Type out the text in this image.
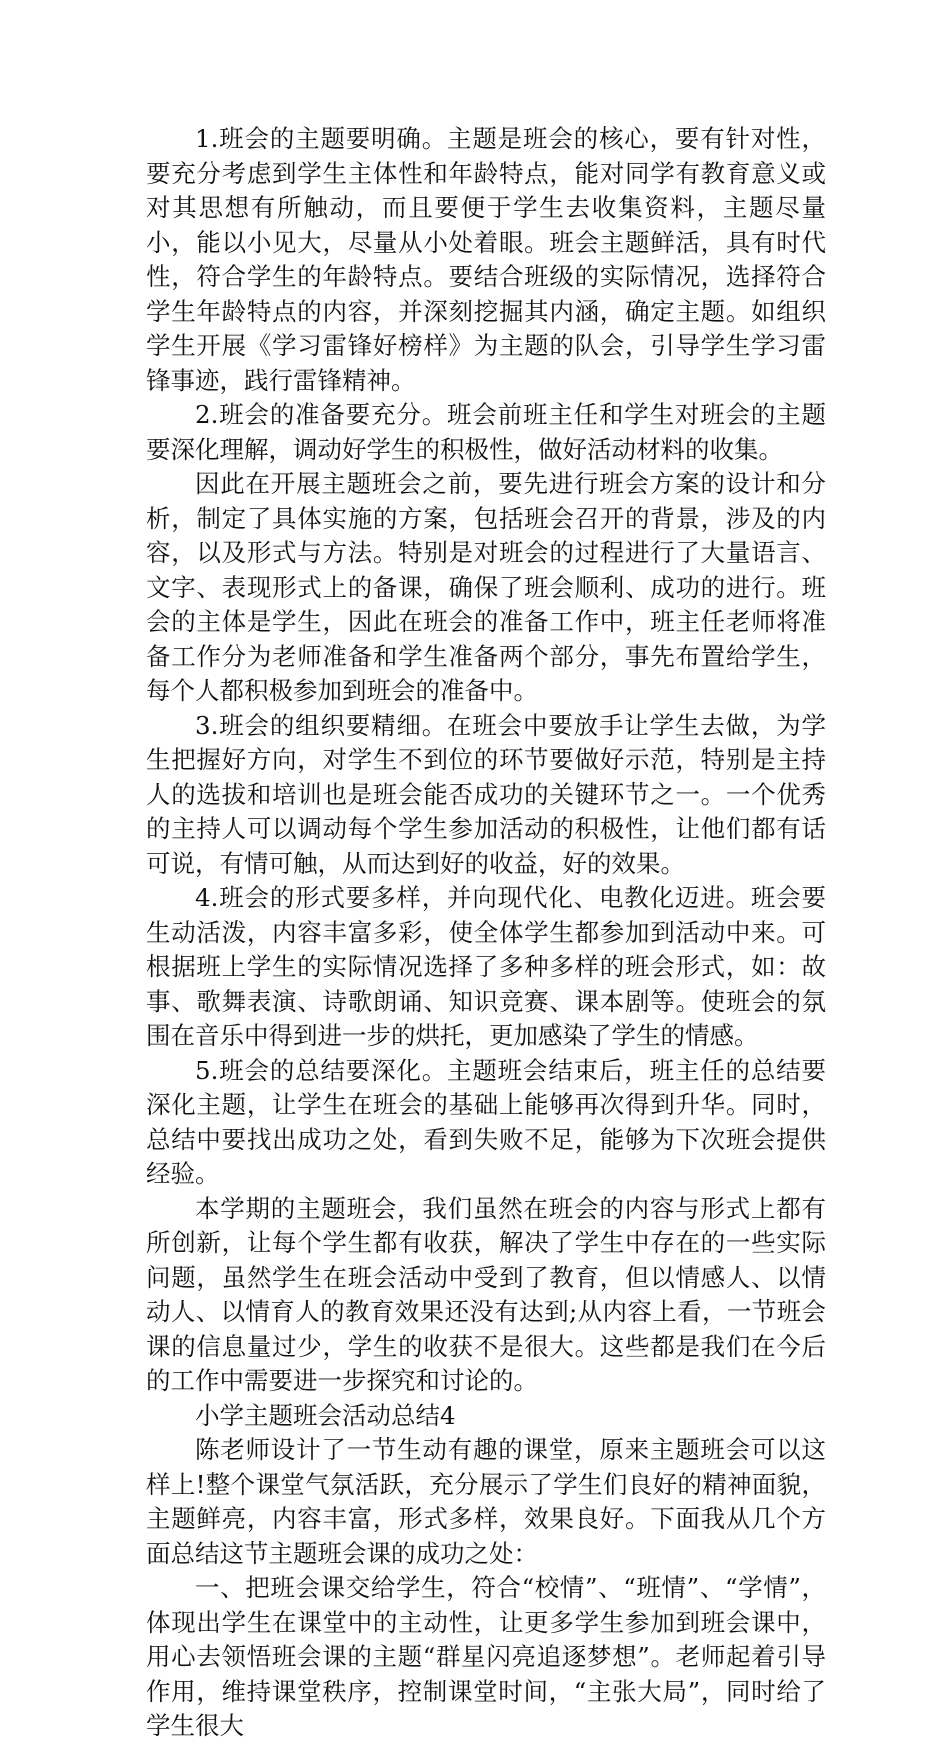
1.班会的主题要明确。主题是班会的核心，要有针对性，要充分考虑到学生主体性和年龄特点，能对同学有教育意义或对其思想有所触动，而且要便于学生去收集资料，主题尽量小，能以小见大，尽量从小处着眼。班会主题鲜活，具有时代性，符合学生的年龄特点。要结合班级的实际情况，选择符合学生年龄特点的内容，并深刻挖掘其内涵，确定主题。如组织学生开展《学习雷锋好榜样》为主题的队会，引导学生学习雷锋事迹，践行雷锋精神。

2.班会的准备要充分。班会前班主任和学生对班会的主题要深化理解，调动好学生的积极性，做好活动材料的收集。

因此在开展主题班会之前，要先进行班会方案的设计和分析，制定了具体实施的方案，包括班会召开的背景，涉及的内容，以及形式与方法。特别是对班会的过程进行了大量语言、文字、表现形式上的备课，确保了班会顺利、成功的进行。班会的主体是学生，因此在班会的准备工作中，班主任老师将准备工作分为老师准备和学生准备两个部分，事先布置给学生，每个人都积极参加到班会的准备中。

3.班会的组织要精细。在班会中要放手让学生去做，为学生把握好方向，对学生不到位的环节要做好示范，特别是主持人的选拔和培训也是班会能否成功的关键环节之一。一个优秀的主持人可以调动每个学生参加活动的积极性，让他们都有话可说，有情可触，从而达到好的收益，好的效果。

4.班会的形式要多样，并向现代化、电教化迈进。班会要生动活泼，内容丰富多彩，使全体学生都参加到活动中来。可根据班上学生的实际情况选择了多种多样的班会形式，如：故事、歌舞表演、诗歌朗诵、知识竞赛、课本剧等。使班会的氛围在音乐中得到进一步的烘托，更加感染了学生的情感。

5.班会的总结要深化。主题班会结束后，班主任的总结要深化主题，让学生在班会的基础上能够再次得到升华。同时，总结中要找出成功之处，看到失败不足，能够为下次班会提供经验。

本学期的主题班会，我们虽然在班会的内容与形式上都有所创新，让每个学生都有收获，解决了学生中存在的一些实际问题，虽然学生在班会活动中受到了教育，但以情感人、以情动人、以情育人的教育效果还没有达到;从内容上看，一节班会课的信息量过少，学生的收获不是很大。这些都是我们在今后的工作中需要进一步探究和讨论的。

小学主题班会活动总结4

陈老师设计了一节生动有趣的课堂，原来主题班会可以这样上!整个课堂气氛活跃，充分展示了学生们良好的精神面貌，主题鲜亮，内容丰富，形式多样，效果良好。下面我从几个方面总结这节主题班会课的成功之处：

一、把班会课交给学生，符合“校情”、“班情”、“学情”，体现出学生在课堂中的主动性，让更多学生参加到班会课中，用心去领悟班会课的主题“群星闪亮追逐梦想”。老师起着引导作用，维持课堂秩序，控制课堂时间，“主张大局”，同时给了学生很大
